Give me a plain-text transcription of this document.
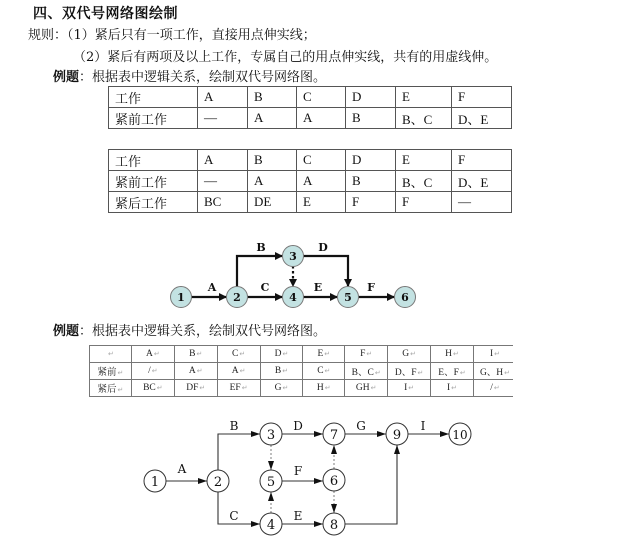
四、双代号网络图绘制
规则：（1）紧后只有一项工作，直接用点伸实线；
（2）紧后有两项及以上工作，专属自己的用点伸实线，共有的用虚线伸。
例题：根据表中逻辑关系，绘制双代号网络图。
工作	A	B	C	D	E	F
紧前工作	—	A	A	B	B、C	D、E
工作	A	B	C	D	E	F
紧前工作	—	A	A	B	B、C	D、E
紧后工作	BC	DE	E	F	F	—
A
B
C
D
E	F
1	2
3
4	5	6
例题：根据表中逻辑关系，绘制双代号网络图。
↵	A↵	B↵	C↵	D↵	E↵	F↵	G↵	H↵	I↵
紧前↵	/↵	A↵	A↵	B↵	C↵	B、C↵	D、F↵	E、F↵	G、H↵
紧后↵	BC↵	DF↵	EF↵	G↵	H↵	GH↵	I↵	I↵	/↵
A
B
C
D
F
E
G	I
1	2
3
4
5	6
7
8
9	10
